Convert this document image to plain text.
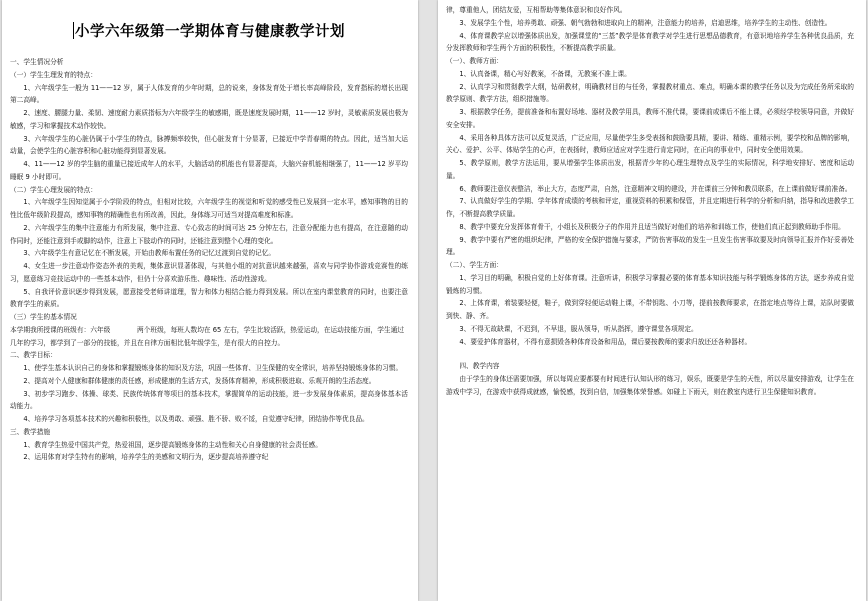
小学六年级第一学期体育与健康教学计划
一、学生情况分析
（一）学生生理发育的特点：
1、六年级学生一般为 11——12 岁，属于人体发育的少年时期，总的说来，身体发育处于增长率高峰阶段，发育指标的增长出现第二高峰。
2、速度、腰腿力量、柔韧、速度耐力素质指标为六年级学生的敏感期，既是速度发展时期，11——12 岁时，灵敏素质发展也极为敏感，学习和掌握技术动作较快。
3、六年级学生的心脏仍属于小学生的特点，脉搏频率较快，但心脏发育十分显著，已接近中学青春期的特点。因此，适当加大运动量，会使学生的心脏容积和心脏功能得到显著发展。
4、11——12 岁的学生脑的重量已接近成年人的水平，大脑活动的机能也有显著提高，大脑兴奋机能相继强了，11——12 岁平均睡眠 9 小时即可。
（二）学生心理发展的特点：
1、六年级学生因知觉属于小学阶段的特点，但相对比较，六年级学生的视觉和听觉的感受性已发展到一定水平，感知事物的目的性比低年级阶段提高，感知事物的精确性也有所改善，因此，身体练习可适当对提高难度和标准。
2、六年级学生的集中注意能力有所发展，集中注意、专心致志的时间可达 25 分钟左右，注意分配能力也有提高，在注意随的动作同时，还能注意到手或脚的动作，注意上下肢动作的同时，还能注意到整个心理的变化。
3、六年级学生有意记忆在不断发展，开始由教师布置任务的记忆过渡到自觉的记忆。
4、女生进一步注意动作姿态外表的美观，集体意识显著体现，与其他小组的对抗意识越来越强，喜欢与同学协作游戏竞赛性的练习，愿意练习竞技运动中的一些基本动作，但仍十分喜欢游乐性、趣味性、活动性游戏。
5、自我评价意识逐步得到发展，愿意接受老师讲道理，智力和体力相结合能力得到发展。所以在室内课堂教育的同时，也要注意教育学生的素质。
（三）学生的基本情况
本学期我所授课的班级有：六年级　　　　两个班级，每班人数均在 65 左右，学生比较活跃，热爱运动，在运动技能方面，学生通过几年的学习，都学到了一部分的技能，并且在自律方面相比低年级学生，是有很大的自控力。
二、教学目标：
1、使学生基本认识自己的身体和掌握锻炼身体的知识及方法，巩固一些体育、卫生保健的安全常识，培养坚持锻炼身体的习惯。
2、提高对个人健康和群体健康的责任感，形成健康的生活方式，发扬体育精神，形成积极进取、乐观开朗的生活态度。
3、初步学习跑步、体操、球类、民族传统体育等项目的基本技术，掌握简单的运动技能，进一步发展身体素质，提高身体基本活动能力。
4、培养学习各项基本技术的兴趣和积极性，以及勇敢、顽强、胜不骄、败不馁，自觉遵守纪律，团结协作等优良品。
三、教学措施
1、教育学生热爱中国共产党，热爱祖国，逐步提高锻炼身体的主动性和关心自身健康的社会责任感。
2、运用体育对学生特有的影响，培养学生的美感和文明行为，逐步提高培养遵守纪
律，尊重他人，团结友爱，互相帮助等集体意识和良好作风。
3、发展学生个性，培养勇敢、顽强、朝气勃勃和进取向上的精神，注意能力的培养，启迪思维，培养学生的主动性、创造性。
4、体育课教学应以增强体质出发，加强课堂的“三基”教学是体育教学对学生进行思想品德教育，有意识地培养学生各种优良品质，充分发挥教师和学生两个方面的积极性，不断提高教学质量。
（一）、教师方面：
1、认真备课，精心写好教案，不备课，无教案不准上课。
2、认真学习和贯彻教学大纲，钻研教材，明确教材目的与任务，掌握教材重点、难点，明确本课的教学任务以及为完成任务所采取的教学原则、教学方法，组织措施等。
3、根据教学任务，提前准备和布置好场地、器材及教学用具，教师不准代课，要课前或课后不能上课，必须经学校领导同意，并做好安全安排。
4、采用各种具体方法可以反复灵活，广泛应用，尽量使学生多受表扬和鼓励要具精，要讲、精练、重精示例，要学校和品牌的影响，关心、爱护、公平、体贴学生的心声，在表扬时，教师应适应对学生进行肯定同时，在正向的事业中，同时安全使用效果。
5、教学原则，教学方法运用，要从增强学生体质出发，根据青少年的心理生理特点及学生的实际情况，科学地安排好、密度和运动量。
6、教师要注意仪表整洁，举止大方，态度严肃，自然，注意精神文明的建设，并在课前三分钟和教员联系，在上课前做好课前准备。
7、认真做好学生的学期、学年体育成绩的考核和评定，重视资料的积累和保管，并且定期进行科学的分析和归纳，指导和改进教学工作，不断提高教学质量。
8、教学中要充分发挥体育骨干，小组长及积极分子的作用并且适当做好对他们的培养和训练工作，使他们真正起到教师助手作用。
9、教学中要有严密的组织纪律，严格的安全保护措施与要求，严防伤害事故的发生一旦发生伤害事故要及时向领导汇报并作好妥善处理。
（二）、学生方面：
1、学习目的明确，积极自觉的上好体育课。注意听讲，积极学习掌握必要的体育基本知识技能与科学锻炼身体的方法，逐步养成自觉锻炼的习惯。
2、上体育课，着装要轻便，鞋子，做到穿轻便运动鞋上课，不带钥匙、小刀等，提前按教师要求，在指定地点等待上课，站队时要做到快、静、齐。
3、不得无故缺课，不迟到，不早退，服从领导，听从指挥，遵守课堂各项规定。
4、要爱护体育器材，不得有意损毁各种体育设备和用品，课后要按教师的要求归放还还各种器材。
　　四、教学内容
由于学生的身体还需要加强，所以每周应要都要有时间进行认知认形的练习，娱乐，既要是学生的天性，所以尽量安排游戏，让学生在游戏中学习，在游戏中获得成就感，愉悦感，找到自信，加强集体荣誉感。如碰上下雨天，则在教室内进行卫生保健知识教育。
